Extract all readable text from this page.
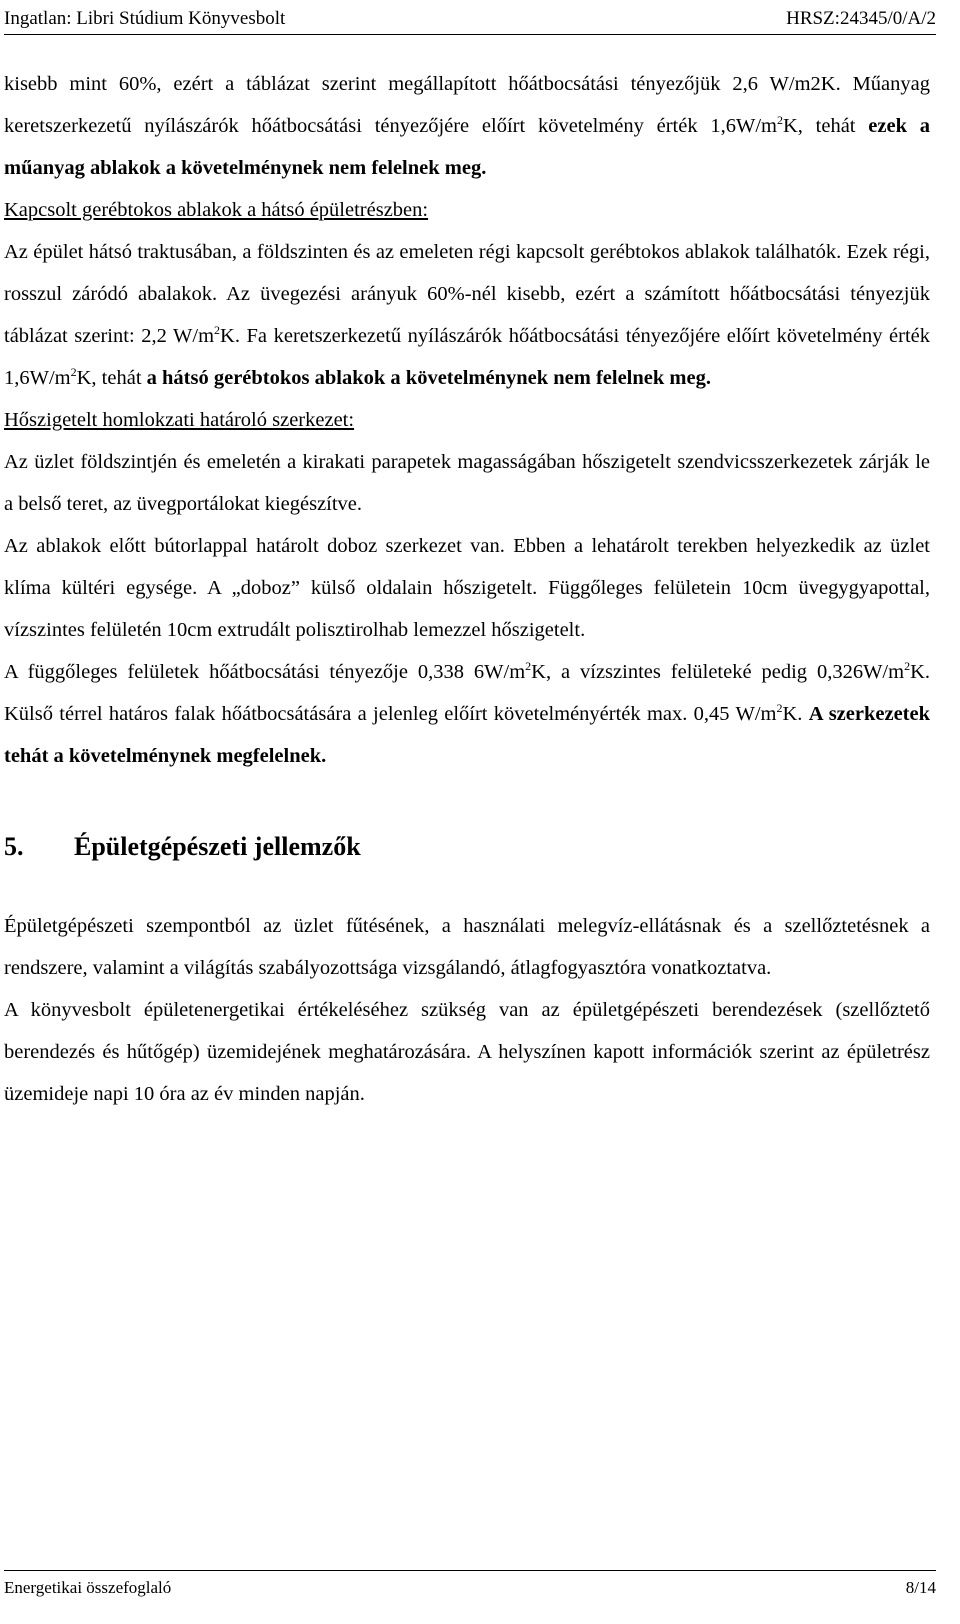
Ingatlan: Libri Stúdium Könyvesbolt	HRSZ:24345/0/A/2

kisebb mint 60%, ezért a táblázat szerint megállapított hőátbocsátási tényezőjük 2,6 W/m2K. Műanyag keretszerkezetű nyílászárók hőátbocsátási tényezőjére előírt követelmény érték $1,6W/m^2K$, tehát ezek a műanyag ablakok a követelménynek nem felelnek meg.

Kapcsolt gerébtokos ablakok a hátsó épületrészben:

Az épület hátsó traktusában, a földszinten és az emeleten régi kapcsolt gerébtokos ablakok találhatók. Ezek régi, rosszul záródó abalakok. Az üvegezési arányuk 60%-nél kisebb, ezért a számított hőátbocsátási tényezjük táblázat szerint: 2,2 $W/m^2K$. Fa keretszerkezetű nyílászárók hőátbocsátási tényezőjére előírt követelmény érték $1,6W/m^2K$, tehát a hátsó gerébtokos ablakok a követelménynek nem felelnek meg.

Hőszigetelt homlokzati határoló szerkezet:

Az üzlet földszintjén és emeletén a kirakati parapetek magasságában hőszigetelt szendvicsszerkezetek zárják le a belső teret, az üvegportálokat kiegészítve.

Az ablakok előtt bútorlappal határolt doboz szerkezet van. Ebben a lehatárolt terekben helyezkedik az üzlet klíma kültéri egysége. A „doboz” külső oldalain hőszigetelt. Függőleges felületein 10cm üvegygyapottal, vízszintes felületén 10cm extrudált polisztirolhab lemezzel hőszigetelt.

A függőleges felületek hőátbocsátási tényezője 0,338 $6W/m^2K$, a vízszintes felületeké pedig $0,326W/m^2K$. Külső térrel határos falak hőátbocsátására a jelenleg előírt követelményérték max. 0,45 $W/m^2K$. A szerkezetek tehát a követelménynek megfelelnek.

5. Épületgépészeti jellemzők

Épületgépészeti szempontból az üzlet fűtésének, a használati melegvíz-ellátásnak és a szellőztetésnek a rendszere, valamint a világítás szabályozottsága vizsgálandó, átlagfogyasztóra vonatkoztatva.

A könyvesbolt épületenergetikai értékeléséhez szükség van az épületgépészeti berendezések (szellőztető berendezés és hűtőgép) üzemidejének meghatározására. A helyszínen kapott információk szerint az épületrész üzemideje napi 10 óra az év minden napján.

Energetikai összefoglaló	8/14
